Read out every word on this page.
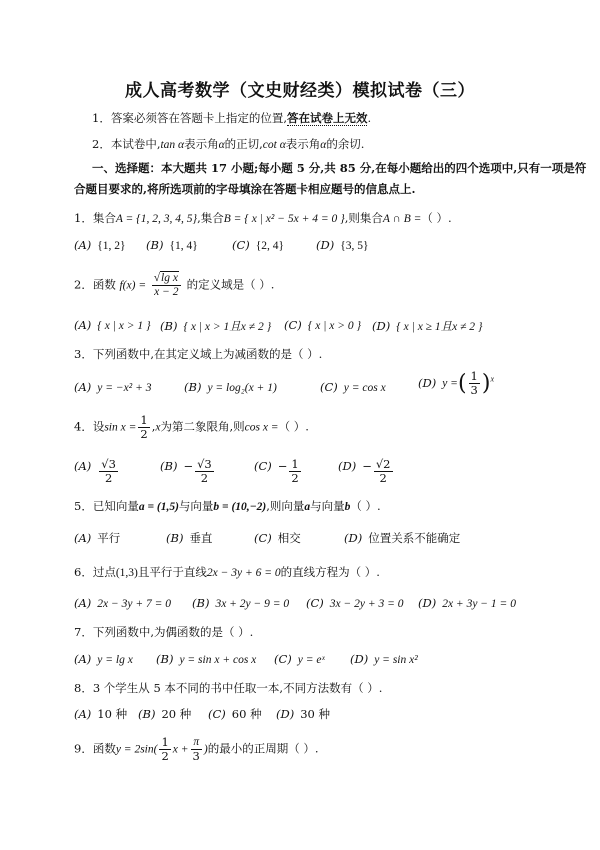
成人高考数学（文史财经类）模拟试卷（三）
1．答案必须答在答题卡上指定的位置,答在试卷上无效.
2．本试卷中,tan α表示角α的正切,cot α表示角α的余切.
一、选择题：本大题共 17 小题;每小题 5 分,共 85 分,在每小题给出的四个选项中,只有一项是符
合题目要求的,将所选项前的字母填涂在答题卡相应题号的信息点上.
1．集合A = {1, 2, 3, 4, 5},集合B = { x | x² − 5x + 4 = 0 },则集合A ∩ B =（ ）.
(A) {1, 2} (B) {1, 4}	(C) {2, 4}	(D) {3, 5}
2．函数 $f(x) = \frac{\text{√lg x}}{x - 2}$ 的定义域是（ ）.
(A) { x | x > 1 } (B) { x | x > 1且x ≠ 2 } (C) { x | x > 0 } (D) { x | x ≥ 1且x ≠ 2 }
3．下列函数中,在其定义域上为减函数的是（ ）.
(A) y = −x² + 3	(B) y = log₂(x + 1)	(C) y = cos x	(D) y =( $\frac{1}{3} )^x$
4．设$\sin x = \frac{1}{2} ,x$为第二象限角,则cos x =（ ）.
$(A) \frac{√3}{2}$	$(B) - \frac{√3}{2}$	$(C) - \frac{1}{2}$	$(D) - \frac{√2}{2}$
5．已知向量a = (1,5)与向量b = (10,−2),则向量a与向量b（ ）.
(A) 平行	(B) 垂直	(C) 相交	(D) 位置关系不能确定
6．过点(1,3)且平行于直线2x − 3y + 6 = 0的直线方程为（ ）.
(A) 2x − 3y + 7 = 0 (B) 3x + 2y − 9 = 0 (C) 3x − 2y + 3 = 0 (D) 2x + 3y − 1 = 0
7．下列函数中,为偶函数的是（ ）.
(A) y = lg x (B) y = sin x + cos x (C) y = eˣ (D) y = sin x²
8．3 个学生从 5 本不同的书中任取一本,不同方法数有（ ）.
(A) 10 种 (B) 20 种 (C) 60 种 (D) 30 种
9．函数$y = 2\sin( \frac{1}{2}$ $x + \frac{\pi}{3}$ )的最小的正周期（ ）.
